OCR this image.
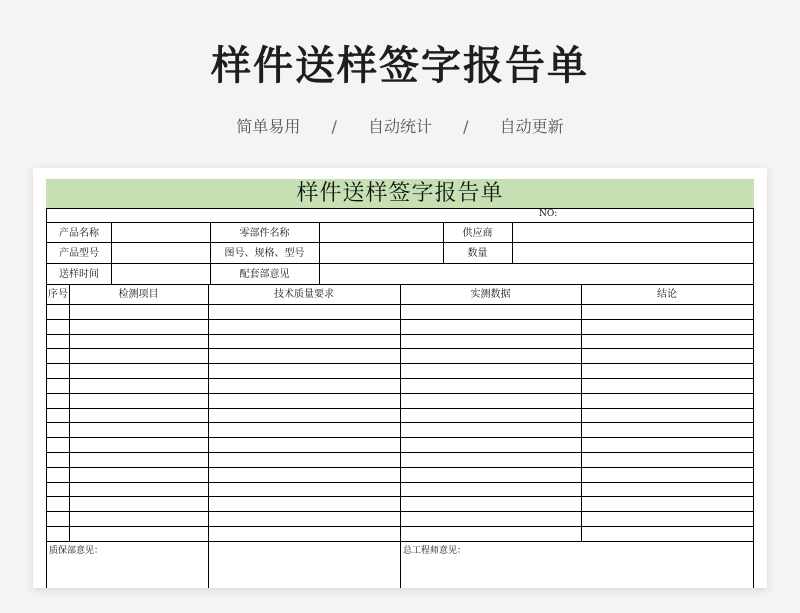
样件送样签字报告单
简单易用 / 自动统计 / 自动更新
样件送样签字报告单
NO:
产品名称	零部件名称	供应商
产品型号	图号、规格、型号	数量
送样时间	配套部意见
序号	检测项目	技术质量要求	实测数据	结论
质保部意见：	总工程师意见：
